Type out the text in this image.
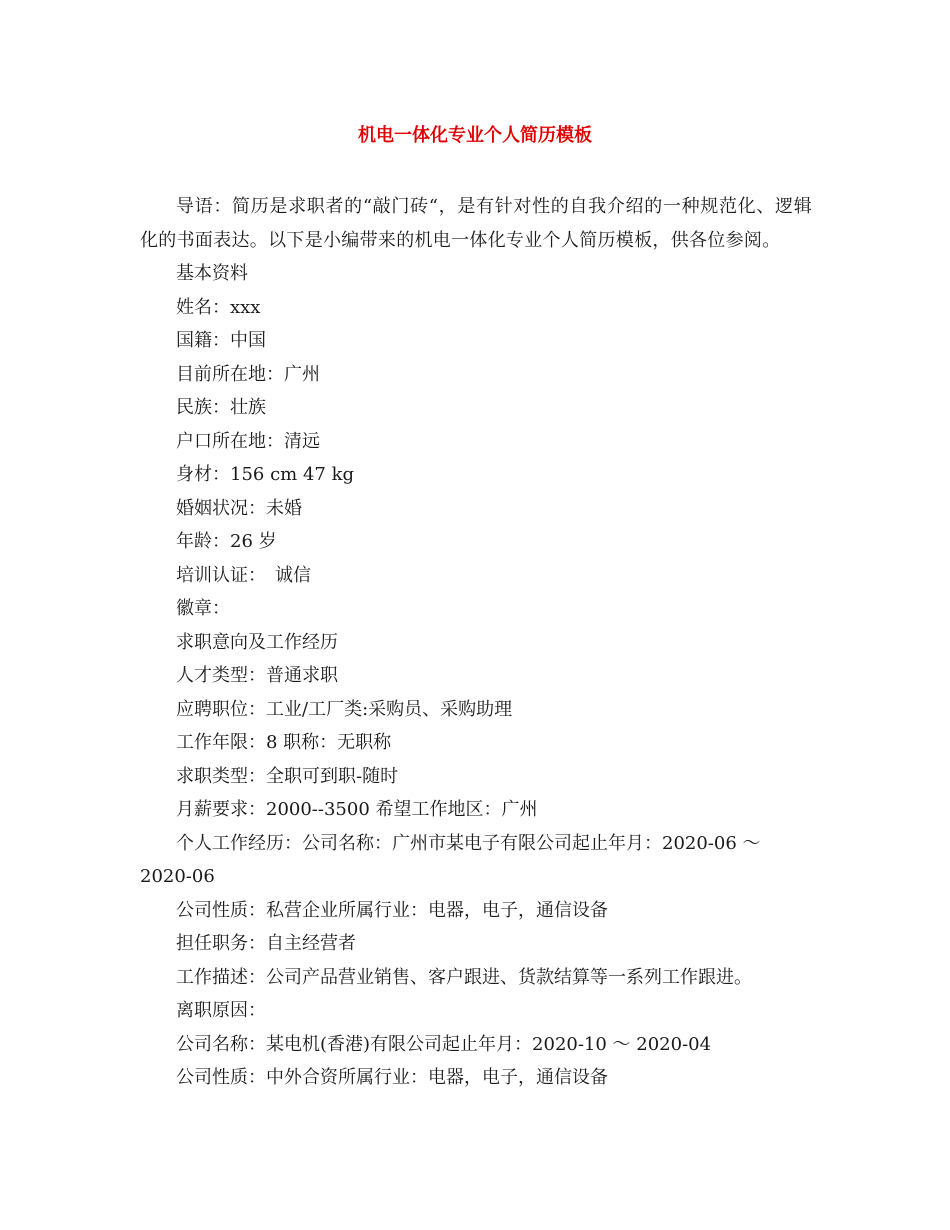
机电一体化专业个人简历模板

导语：简历是求职者的“敲门砖“，是有针对性的自我介绍的一种规范化、逻辑化的书面表达。以下是小编带来的机电一体化专业个人简历模板，供各位参阅。

基本资料

姓名：xxx

国籍：中国

目前所在地：广州

民族：壮族

户口所在地：清远

身材：156 cm 47 kg

婚姻状况：未婚

年龄：26 岁

培训认证：　诚信

徽章：

求职意向及工作经历

人才类型：普通求职

应聘职位：工业/工厂类:采购员、采购助理

工作年限：8 职称：无职称

求职类型：全职可到职-随时

月薪要求：2000--3500 希望工作地区：广州

个人工作经历：公司名称：广州市某电子有限公司起止年月：2020-06 ～ 2020-06

公司性质：私营企业所属行业：电器，电子，通信设备

担任职务：自主经营者

工作描述：公司产品营业销售、客户跟进、货款结算等一系列工作跟进。

离职原因：

公司名称：某电机(香港)有限公司起止年月：2020-10 ～ 2020-04

公司性质：中外合资所属行业：电器，电子，通信设备
